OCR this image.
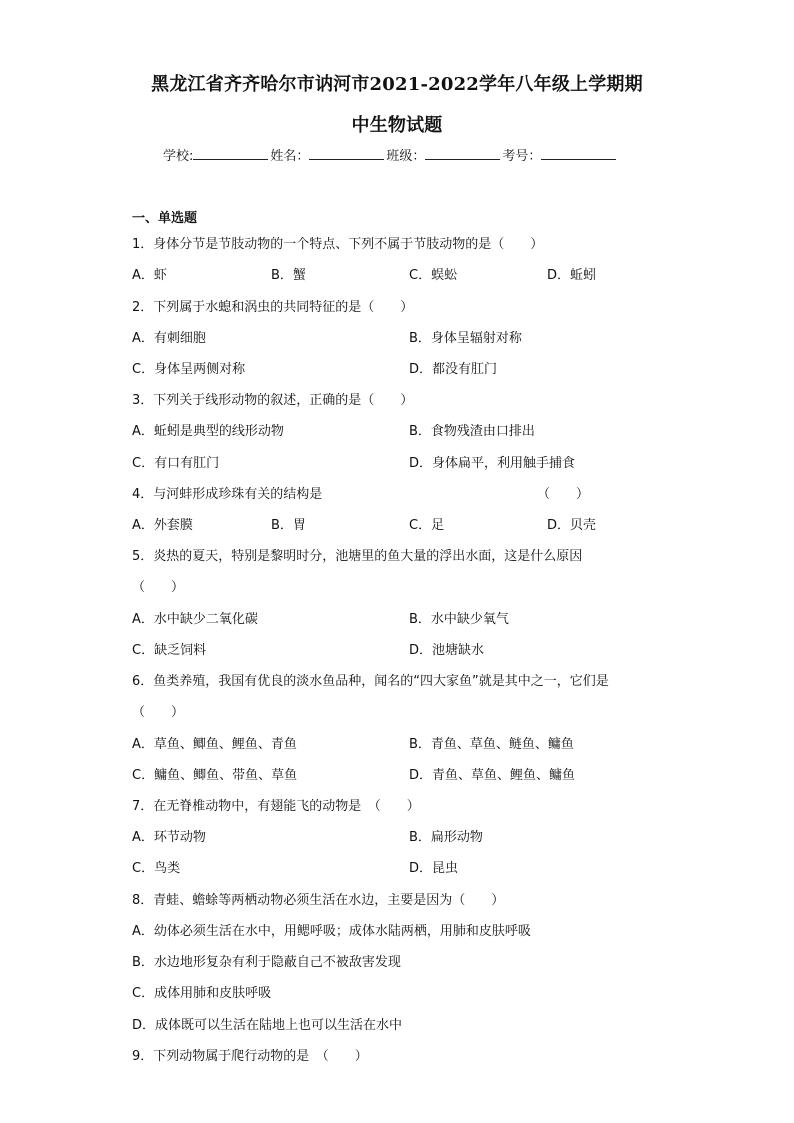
黑龙江省齐齐哈尔市讷河市2021-2022学年八年级上学期期
中生物试题
学校:	姓名：	班级：	考号：
一、单选题
1．身体分节是节肢动物的一个特点、下列不属于节肢动物的是（　　）
A．虾	B．蟹	C．蜈蚣	D．蚯蚓
2．下列属于水螅和涡虫的共同特征的是（　　）
A．有刺细胞	B．身体呈辐射对称
C．身体呈两侧对称	D．都没有肛门
3．下列关于线形动物的叙述，正确的是（　　）
A．蚯蚓是典型的线形动物	B．食物残渣由口排出
C．有口有肛门	D．身体扁平，利用触手捕食
4．与河蚌形成珍珠有关的结构是	（　　）
A．外套膜	B．胃	C．足	D．贝壳
5．炎热的夏天，特别是黎明时分，池塘里的鱼大量的浮出水面，这是什么原因
（　　）
A．水中缺少二氧化碳	B．水中缺少氧气
C．缺乏饲料	D．池塘缺水
6．鱼类养殖，我国有优良的淡水鱼品种，闻名的“四大家鱼”就是其中之一，它们是
（　　）
A．草鱼、鲫鱼、鲤鱼、青鱼	B．青鱼、草鱼、鲢鱼、鳙鱼
C．鳙鱼、鲫鱼、带鱼、草鱼	D．青鱼、草鱼、鲤鱼、鳙鱼
7．在无脊椎动物中，有翅能飞的动物是　（　　）
A．环节动物	B．扁形动物
C．鸟类	D．昆虫
8．青蛙、蟾蜍等两栖动物必须生活在水边，主要是因为（　　）
A．幼体必须生活在水中，用鳃呼吸；成体水陆两栖，用肺和皮肤呼吸
B．水边地形复杂有利于隐蔽自己不被敌害发现
C．成体用肺和皮肤呼吸
D．成体既可以生活在陆地上也可以生活在水中
9．下列动物属于爬行动物的是　（　　）
